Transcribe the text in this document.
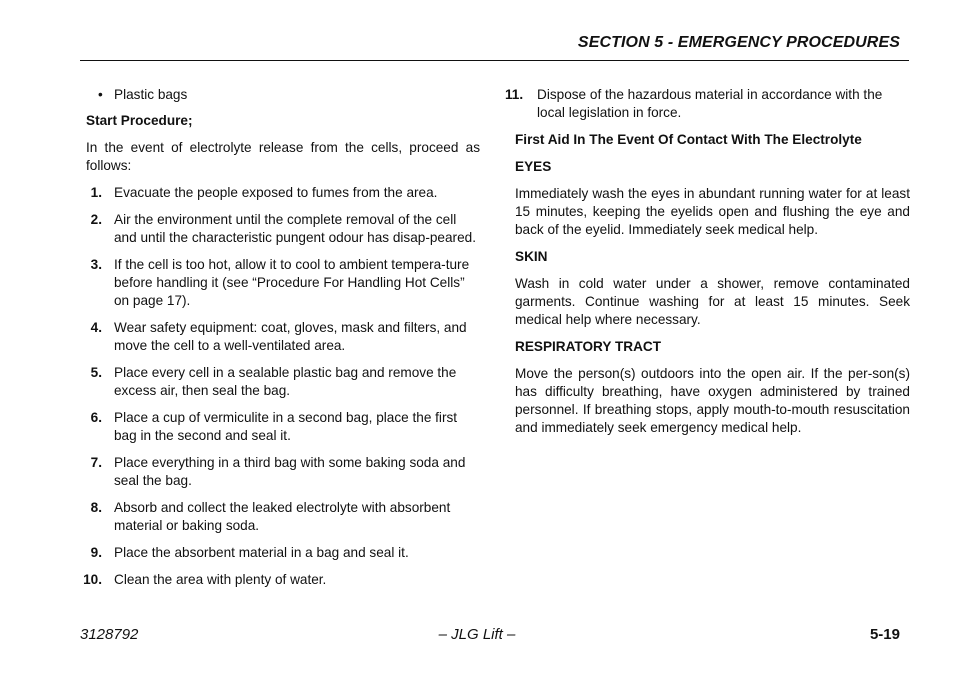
SECTION 5 - EMERGENCY PROCEDURES
• Plastic bags
Start Procedure;

In the event of electrolyte release from the cells, proceed as follows:

1. Evacuate the people exposed to fumes from the area.
2. Air the environment until the complete removal of the cell and until the characteristic pungent odour has disap-peared.
3. If the cell is too hot, allow it to cool to ambient tempera-ture before handling it (see “Procedure For Handling Hot Cells” on page 17).
4. Wear safety equipment: coat, gloves, mask and filters, and move the cell to a well-ventilated area.
5. Place every cell in a sealable plastic bag and remove the excess air, then seal the bag.
6. Place a cup of vermiculite in a second bag, place the first bag in the second and seal it.
7. Place everything in a third bag with some baking soda and seal the bag.
8. Absorb and collect the leaked electrolyte with absorbent material or baking soda.
9. Place the absorbent material in a bag and seal it.
10. Clean the area with plenty of water.
11. Dispose of the hazardous material in accordance with the local legislation in force.
First Aid In The Event Of Contact With The Electrolyte
EYES

Immediately wash the eyes in abundant running water for at least 15 minutes, keeping the eyelids open and flushing the eye and back of the eyelid. Immediately seek medical help.

SKIN

Wash in cold water under a shower, remove contaminated garments. Continue washing for at least 15 minutes. Seek medical help where necessary.

RESPIRATORY TRACT

Move the person(s) outdoors into the open air. If the per-son(s) has difficulty breathing, have oxygen administered by trained personnel. If breathing stops, apply mouth-to-mouth resuscitation and immediately seek emergency medical help.

– JLG Lift –
3128792	5-19
